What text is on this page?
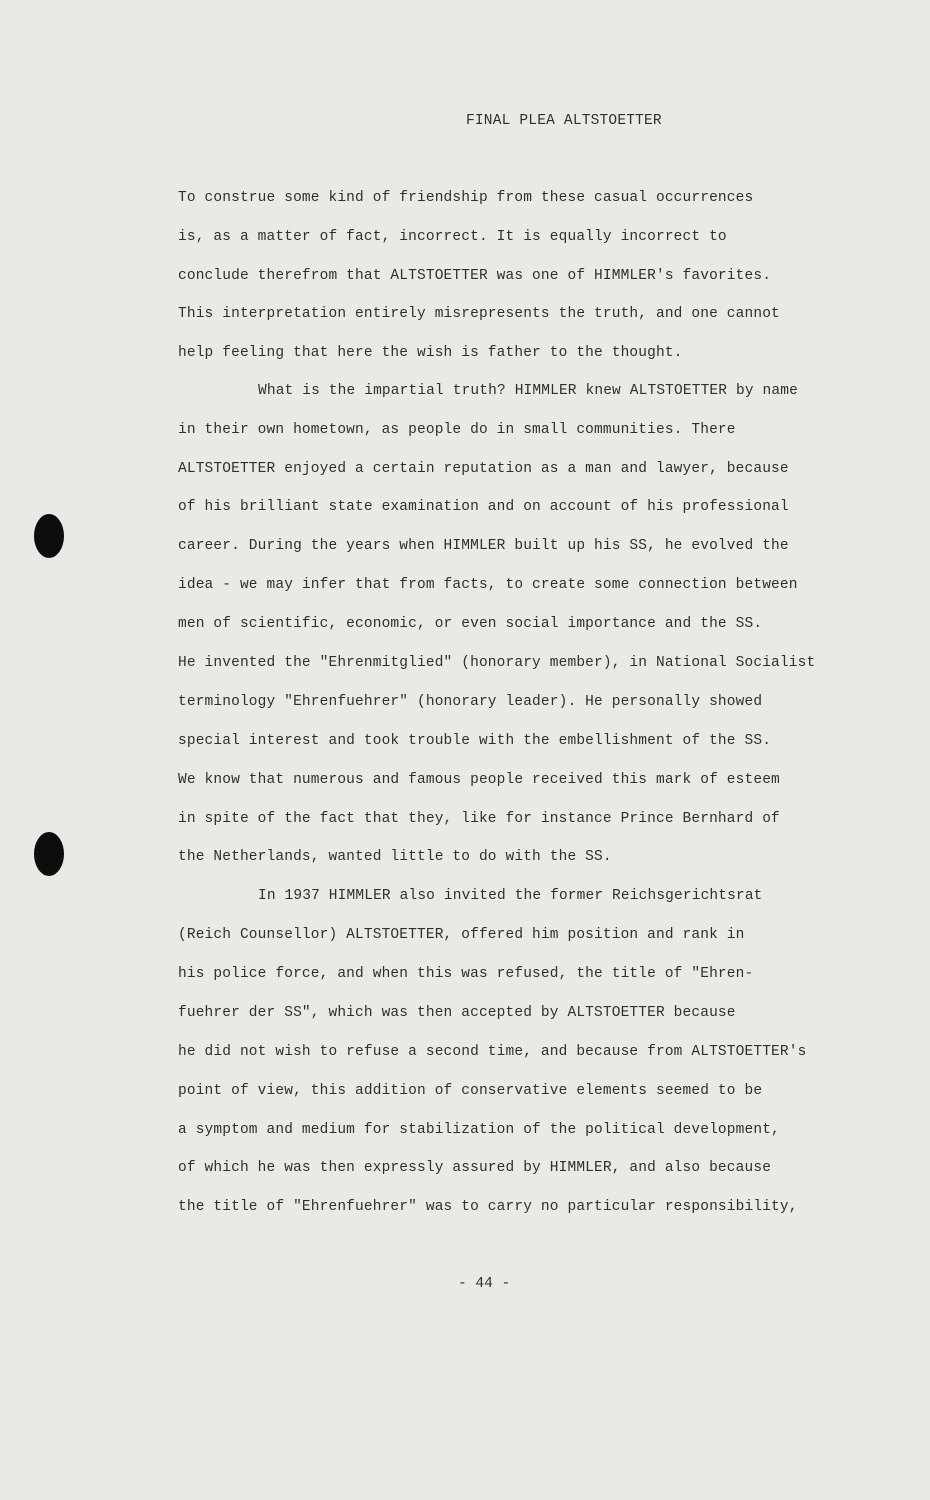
FINAL PLEA ALTSTOETTER
To construe some kind of friendship from these casual occurrences
is, as a matter of fact, incorrect. It is equally incorrect to
conclude therefrom that ALTSTOETTER was one of HIMMLER's favorites.
This interpretation entirely misrepresents the truth, and one cannot
help feeling that here the wish is father to the thought.
What is the impartial truth? HIMMLER knew ALTSTOETTER by name
in their own hometown, as people do in small communities. There
ALTSTOETTER enjoyed a certain reputation as a man and lawyer, because
of his brilliant state examination and on account of his professional
career. During the years when HIMMLER built up his SS, he evolved the
idea - we may infer that from facts, to create some connection between
men of scientific, economic, or even social importance and the SS.
He invented the "Ehrenmitglied" (honorary member), in National Socialist
terminology "Ehrenfuehrer" (honorary leader). He personally showed
special interest and took trouble with the embellishment of the SS.
We know that numerous and famous people received this mark of esteem
in spite of the fact that they, like for instance Prince Bernhard of
the Netherlands, wanted little to do with the SS.
In 1937 HIMMLER also invited the former Reichsgerichtsrat
(Reich Counsellor) ALTSTOETTER, offered him position and rank in
his police force, and when this was refused, the title of "Ehren-
fuehrer der SS", which was then accepted by ALTSTOETTER because
he did not wish to refuse a second time, and because from ALTSTOETTER's
point of view, this addition of conservative elements seemed to be
a symptom and medium for stabilization of the political development,
of which he was then expressly assured by HIMMLER, and also because
the title of "Ehrenfuehrer" was to carry no particular responsibility,
- 44 -
